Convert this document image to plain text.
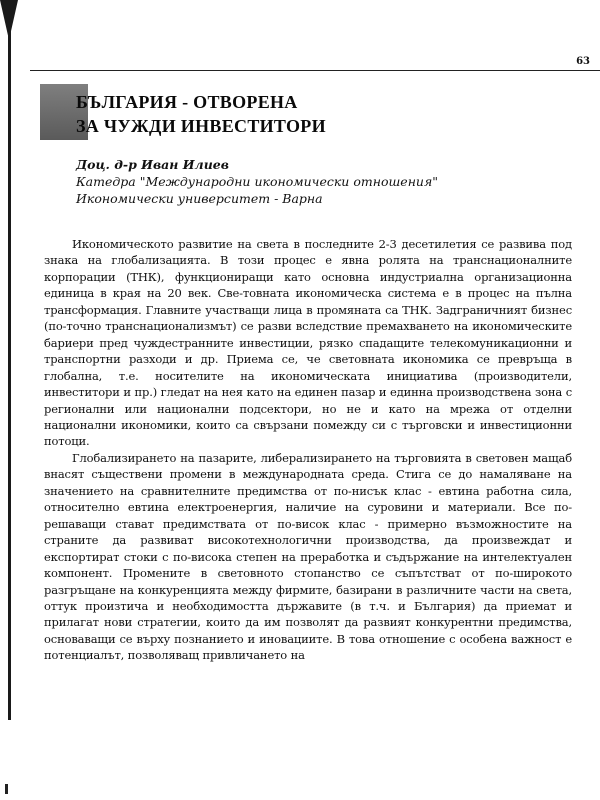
63
БЪЛГАРИЯ - ОТВОРЕНА
ЗА ЧУЖДИ ИНВЕСТИТОРИ
Доц. д-р Иван Илиев
Катедра "Международни икономически отношения"
Икономически университет - Варна

Икономическото развитие на света в последните 2-3 десетилетия се развива под знака на глобализацията. В този процес е явна ролята на транснационалните корпорации (ТНК), функциониращи като основна индустриална организационна единица в края на 20 век. Све-товната икономическа система е в процес на пълна трансформация. Главните участващи лица в промяната са ТНК. Задграничният бизнес (по-точно транснационализмът) се разви вследствие премахването на икономическите бариери пред чуждестранните инвестиции, рязко спадащите телекомуникационни и транспортни разходи и др. Приема се, че световната икономика се превръща в глобална, т.е. носителите на икономическата инициатива (производители, инвеститори и пр.) гледат на нея като на единен пазар и единна производствена зона с регионални или национални подсектори, но не и като на мрежа от отделни национални икономики, които са свързани помежду си с търговски и инвестиционни потоци.

Глобализирането на пазарите, либерализирането на търговията в световен мащаб внасят съществени промени в международната среда. Стига се до намаляване на значението на сравнителните предимства от по-нисък клас - евтина работна сила, относително евтина електроенергия, наличие на суровини и материали. Все по-решаващи стават предимствата от по-висок клас - примерно възможностите на страните да развиват високотехнологични производства, да произвеждат и експортират стоки с по-висока степен на преработка и съдържание на интелектуален компонент. Промените в световното стопанство се съпътстват от по-широкото разгръщане на конкуренцията между фирмите, базирани в различните части на света, оттук произтича и необходимостта държавите (в т.ч. и България) да приемат и прилагат нови стратегии, които да им позволят да развият конкурентни предимства, основаващи се върху познанието и иновациите. В това отношение с особена важност е потенциалът, позволяващ привличането на
